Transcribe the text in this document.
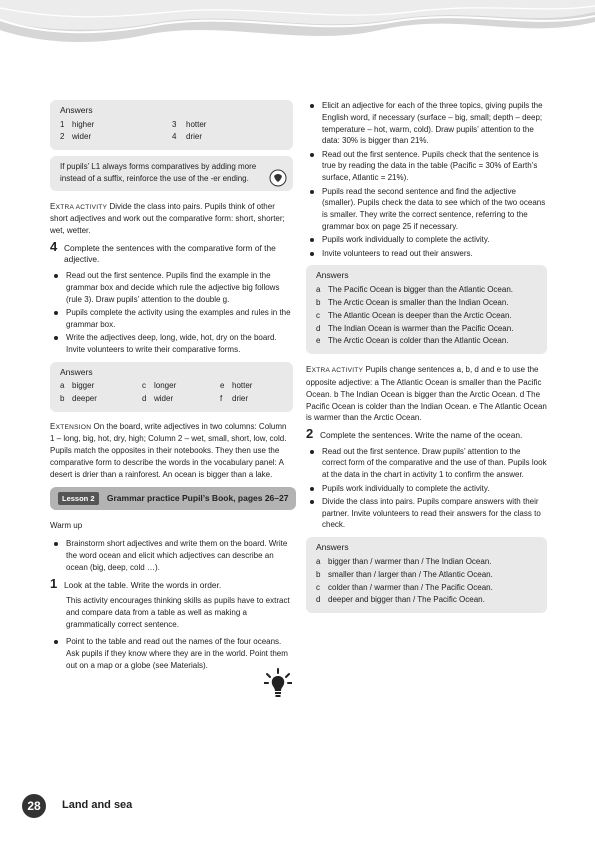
Answers
1	higher	3	hotter
2	wider	4	drier
If pupils’ L1 always forms comparatives by adding more instead of a suffix, reinforce the use of the -er ending.
EXTRA ACTIVITY Divide the class into pairs. Pupils think of other short adjectives and work out the comparative form: short, shorter; wet, wetter.
4 Complete the sentences with the comparative form of the adjective.
Read out the first sentence. Pupils find the example in the grammar box and decide which rule the adjective big follows (rule 3). Draw pupils’ attention to the double g.
Pupils complete the activity using the examples and rules in the grammar box.
Write the adjectives deep, long, wide, hot, dry on the board. Invite volunteers to write their comparative forms.
Answers
a	bigger	c	longer	e	hotter
b	deeper	d	wider	f	drier
EXTENSION On the board, write adjectives in two columns: Column 1 – long, big, hot, dry, high; Column 2 – wet, small, short, low, cold. Pupils match the opposites in their notebooks. They then use the comparative form to describe the words in the vocabulary panel: A desert is drier than a rainforest. An ocean is bigger than a lake.
Lesson 2 Grammar practice Pupil’s Book, pages 26–27
Warm up
Brainstorm short adjectives and write them on the board. Write the word ocean and elicit which adjectives can describe an ocean (big, deep, cold …).
1 Look at the table. Write the words in order.
This activity encourages thinking skills as pupils have to extract and compare data from a table as well as making a grammatically correct sentence.
Point to the table and read out the names of the four oceans. Ask pupils if they know where they are in the world. Point them out on a map or a globe (see Materials).
Elicit an adjective for each of the three topics, giving pupils the English word, if necessary (surface – big, small; depth – deep; temperature – hot, warm, cold). Draw pupils’ attention to the data: 30% is bigger than 21%.
Read out the first sentence. Pupils check that the sentence is true by reading the data in the table (Pacific = 30% of Earth’s surface, Atlantic = 21%).
Pupils read the second sentence and find the adjective (smaller). Pupils check the data to see which of the two oceans is smaller. They write the correct sentence, referring to the grammar box on page 25 if necessary.
Pupils work individually to complete the activity.
Invite volunteers to read out their answers.
Answers
a The Pacific Ocean is bigger than the Atlantic Ocean.
b The Arctic Ocean is smaller than the Indian Ocean.
c The Atlantic Ocean is deeper than the Arctic Ocean.
d The Indian Ocean is warmer than the Pacific Ocean.
e The Arctic Ocean is colder than the Atlantic Ocean.
EXTRA ACTIVITY Pupils change sentences a, b, d and e to use the opposite adjective: a The Atlantic Ocean is smaller than the Pacific Ocean. b The Indian Ocean is bigger than the Arctic Ocean. d The Pacific Ocean is colder than the Indian Ocean. e The Atlantic Ocean is warmer than the Arctic Ocean.
2 Complete the sentences. Write the name of the ocean.
Read out the first sentence. Draw pupils’ attention to the correct form of the comparative and the use of than. Pupils look at the data in the chart in activity 1 to confirm the answer.
Pupils work individually to complete the activity.
Divide the class into pairs. Pupils compare answers with their partner. Invite volunteers to read their answers for the class to check.
Answers
a bigger than / warmer than / The Indian Ocean.
b smaller than / larger than / The Atlantic Ocean.
c colder than / warmer than / The Pacific Ocean.
d deeper and bigger than / The Pacific Ocean.
28	Land and sea
